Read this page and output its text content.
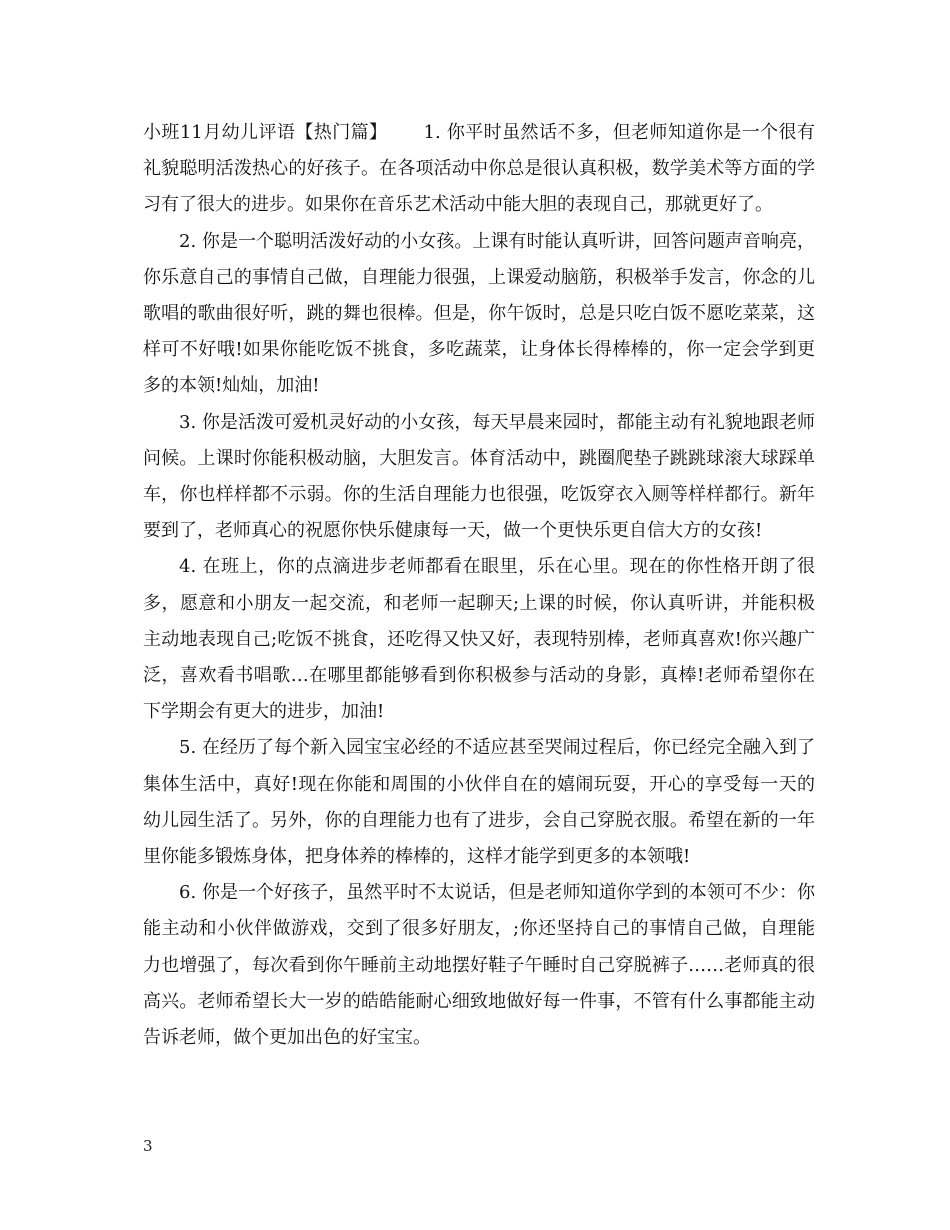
小班11月幼儿评语【热门篇】 1. 你平时虽然话不多，但老师知道你是一个很有礼貌聪明活泼热心的好孩子。在各项活动中你总是很认真积极，数学美术等方面的学习有了很大的进步。如果你在音乐艺术活动中能大胆的表现自己，那就更好了。

2. 你是一个聪明活泼好动的小女孩。上课有时能认真听讲，回答问题声音响亮，你乐意自己的事情自己做，自理能力很强，上课爱动脑筋，积极举手发言，你念的儿歌唱的歌曲很好听，跳的舞也很棒。但是，你午饭时，总是只吃白饭不愿吃菜菜，这样可不好哦!如果你能吃饭不挑食，多吃蔬菜，让身体长得棒棒的，你一定会学到更多的本领!灿灿，加油!

3. 你是活泼可爱机灵好动的小女孩，每天早晨来园时，都能主动有礼貌地跟老师问候。上课时你能积极动脑，大胆发言。体育活动中，跳圈爬垫子跳跳球滚大球踩单车，你也样样都不示弱。你的生活自理能力也很强，吃饭穿衣入厕等样样都行。新年要到了，老师真心的祝愿你快乐健康每一天，做一个更快乐更自信大方的女孩!

4. 在班上，你的点滴进步老师都看在眼里，乐在心里。现在的你性格开朗了很多，愿意和小朋友一起交流，和老师一起聊天;上课的时候，你认真听讲，并能积极主动地表现自己;吃饭不挑食，还吃得又快又好，表现特别棒，老师真喜欢!你兴趣广泛，喜欢看书唱歌…在哪里都能够看到你积极参与活动的身影，真棒!老师希望你在下学期会有更大的进步，加油!

5. 在经历了每个新入园宝宝必经的不适应甚至哭闹过程后，你已经完全融入到了集体生活中，真好!现在你能和周围的小伙伴自在的嬉闹玩耍，开心的享受每一天的幼儿园生活了。另外，你的自理能力也有了进步，会自己穿脱衣服。希望在新的一年里你能多锻炼身体，把身体养的棒棒的，这样才能学到更多的本领哦!

6. 你是一个好孩子，虽然平时不太说话，但是老师知道你学到的本领可不少：你能主动和小伙伴做游戏，交到了很多好朋友，;你还坚持自己的事情自己做，自理能力也增强了，每次看到你午睡前主动地摆好鞋子午睡时自己穿脱裤子……老师真的很高兴。老师希望长大一岁的皓皓能耐心细致地做好每一件事，不管有什么事都能主动告诉老师，做个更加出色的好宝宝。

3
